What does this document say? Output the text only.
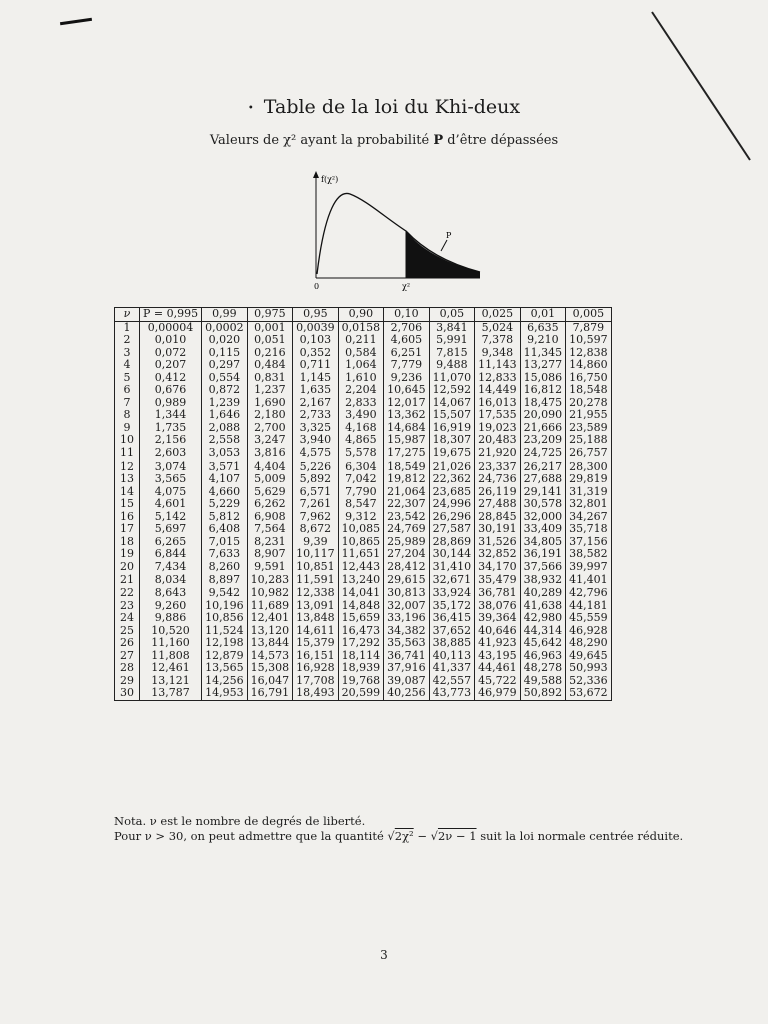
• Table de la loi du Khi-deux
Valeurs de χ² ayant la probabilité P d’être dépassées
f(χ²)
0	χ²
P
ν	P = 0,995	0,99	0,975	0,95	0,90	0,10	0,05	0,025	0,01	0,005
1	0,00004	0,0002	0,001	0,0039	0,0158	2,706	3,841	5,024	6,635	7,879
2	0,010	0,020	0,051	0,103	0,211	4,605	5,991	7,378	9,210	10,597
3	0,072	0,115	0,216	0,352	0,584	6,251	7,815	9,348	11,345	12,838
4	0,207	0,297	0,484	0,711	1,064	7,779	9,488	11,143	13,277	14,860
5	0,412	0,554	0,831	1,145	1,610	9,236	11,070	12,833	15,086	16,750
6	0,676	0,872	1,237	1,635	2,204	10,645	12,592	14,449	16,812	18,548
7	0,989	1,239	1,690	2,167	2,833	12,017	14,067	16,013	18,475	20,278
8	1,344	1,646	2,180	2,733	3,490	13,362	15,507	17,535	20,090	21,955
9	1,735	2,088	2,700	3,325	4,168	14,684	16,919	19,023	21,666	23,589
10	2,156	2,558	3,247	3,940	4,865	15,987	18,307	20,483	23,209	25,188
11	2,603	3,053	3,816	4,575	5,578	17,275	19,675	21,920	24,725	26,757
12	3,074	3,571	4,404	5,226	6,304	18,549	21,026	23,337	26,217	28,300
13	3,565	4,107	5,009	5,892	7,042	19,812	22,362	24,736	27,688	29,819
14	4,075	4,660	5,629	6,571	7,790	21,064	23,685	26,119	29,141	31,319
15	4,601	5,229	6,262	7,261	8,547	22,307	24,996	27,488	30,578	32,801
16	5,142	5,812	6,908	7,962	9,312	23,542	26,296	28,845	32,000	34,267
17	5,697	6,408	7,564	8,672	10,085	24,769	27,587	30,191	33,409	35,718
18	6,265	7,015	8,231	9,39	10,865	25,989	28,869	31,526	34,805	37,156
19	6,844	7,633	8,907	10,117	11,651	27,204	30,144	32,852	36,191	38,582
20	7,434	8,260	9,591	10,851	12,443	28,412	31,410	34,170	37,566	39,997
21	8,034	8,897	10,283	11,591	13,240	29,615	32,671	35,479	38,932	41,401
22	8,643	9,542	10,982	12,338	14,041	30,813	33,924	36,781	40,289	42,796
23	9,260	10,196	11,689	13,091	14,848	32,007	35,172	38,076	41,638	44,181
24	9,886	10,856	12,401	13,848	15,659	33,196	36,415	39,364	42,980	45,559
25	10,520	11,524	13,120	14,611	16,473	34,382	37,652	40,646	44,314	46,928
26	11,160	12,198	13,844	15,379	17,292	35,563	38,885	41,923	45,642	48,290
27	11,808	12,879	14,573	16,151	18,114	36,741	40,113	43,195	46,963	49,645
28	12,461	13,565	15,308	16,928	18,939	37,916	41,337	44,461	48,278	50,993
29	13,121	14,256	16,047	17,708	19,768	39,087	42,557	45,722	49,588	52,336
30	13,787	14,953	16,791	18,493	20,599	40,256	43,773	46,979	50,892	53,672
Nota. ν est le nombre de degrés de liberté.
Pour ν > 30, on peut admettre que la quantité √2χ² − √2ν − 1 suit la loi normale centrée réduite.
3
